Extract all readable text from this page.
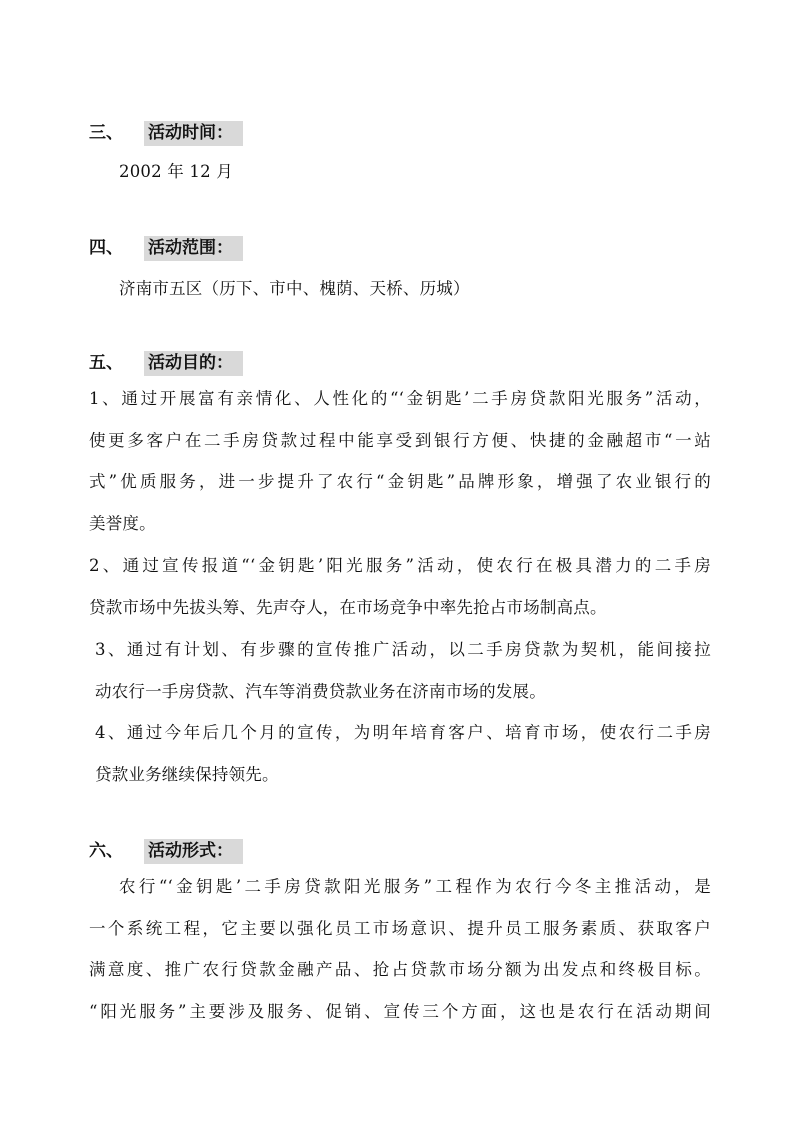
三、 活动时间：
2002 年 12 月
四、 活动范围：
济南市五区（历下、市中、槐荫、天桥、历城）
五、 活动目的：
1、通过开展富有亲情化、人性化的“‘金钥匙’二手房贷款阳光服务”活动，
使更多客户在二手房贷款过程中能享受到银行方便、快捷的金融超市“一站
式”优质服务，进一步提升了农行“金钥匙”品牌形象，增强了农业银行的
美誉度。
2、通过宣传报道“‘金钥匙’阳光服务”活动，使农行在极具潜力的二手房
贷款市场中先拔头筹、先声夺人，在市场竞争中率先抢占市场制高点。
3、通过有计划、有步骤的宣传推广活动，以二手房贷款为契机，能间接拉
动农行一手房贷款、汽车等消费贷款业务在济南市场的发展。
4、通过今年后几个月的宣传，为明年培育客户、培育市场，使农行二手房
贷款业务继续保持领先。
六、 活动形式：
农行“‘金钥匙’二手房贷款阳光服务”工程作为农行今冬主推活动，是
一个系统工程，它主要以强化员工市场意识、提升员工服务素质、获取客户
满意度、推广农行贷款金融产品、抢占贷款市场分额为出发点和终极目标。
“阳光服务”主要涉及服务、促销、宣传三个方面，这也是农行在活动期间
